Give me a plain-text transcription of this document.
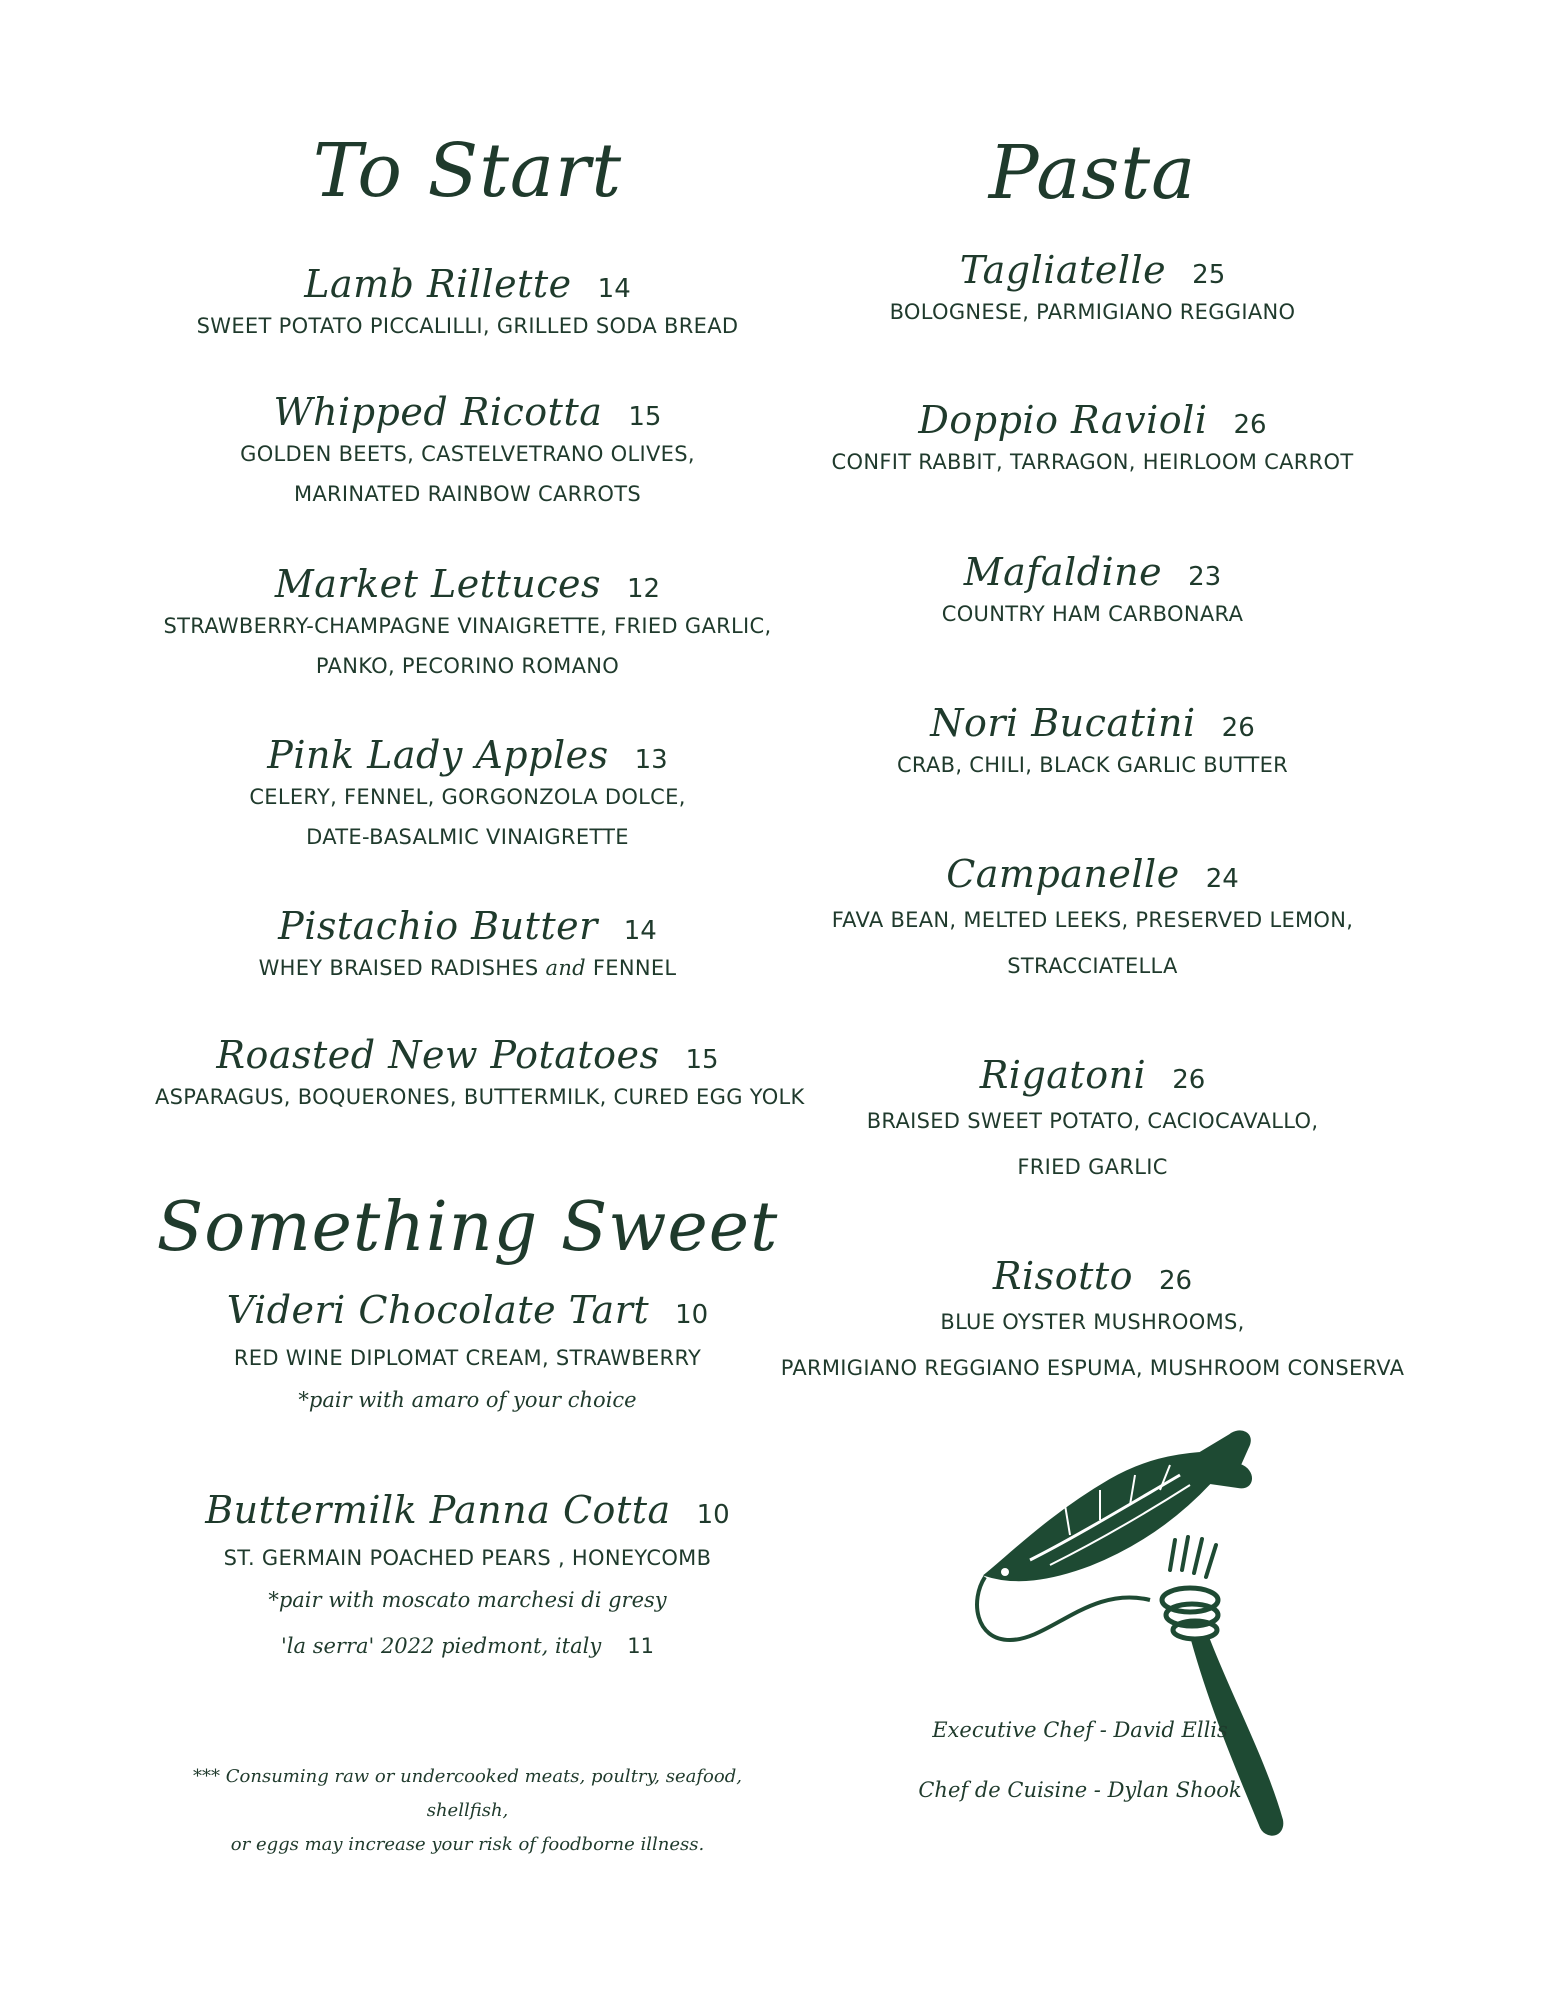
To Start
Lamb Rillette 14
SWEET POTATO PICCALILLI, GRILLED SODA BREAD
Whipped Ricotta 15
GOLDEN BEETS, CASTELVETRANO OLIVES,
MARINATED RAINBOW CARROTS
Market Lettuces 12
STRAWBERRY-CHAMPAGNE VINAIGRETTE, FRIED GARLIC,
PANKO, PECORINO ROMANO
Pink Lady Apples 13
CELERY, FENNEL, GORGONZOLA DOLCE,
DATE-BASALMIC VINAIGRETTE
Pistachio Butter 14
WHEY BRAISED RADISHES and FENNEL
Roasted New Potatoes 15
ASPARAGUS, BOQUERONES, BUTTERMILK, CURED EGG YOLK
Something Sweet
Videri Chocolate Tart 10
RED WINE DIPLOMAT CREAM, STRAWBERRY
*pair with amaro of your choice
Buttermilk Panna Cotta 10
ST. GERMAIN POACHED PEARS , HONEYCOMB
*pair with moscato marchesi di gresy
'la serra' 2022 piedmont, italy 11
*** Consuming raw or undercooked meats, poultry, seafood, shellfish,
or eggs may increase your risk of foodborne illness.
Pasta
Tagliatelle 25
BOLOGNESE, PARMIGIANO REGGIANO
Doppio Ravioli 26
CONFIT RABBIT, TARRAGON, HEIRLOOM CARROT
Mafaldine 23
COUNTRY HAM CARBONARA
Nori Bucatini 26
CRAB, CHILI, BLACK GARLIC BUTTER
Campanelle 24
FAVA BEAN, MELTED LEEKS, PRESERVED LEMON,
STRACCIATELLA
Rigatoni 26
BRAISED SWEET POTATO, CACIOCAVALLO,
FRIED GARLIC
Risotto 26
BLUE OYSTER MUSHROOMS,
PARMIGIANO REGGIANO ESPUMA, MUSHROOM CONSERVA
Executive Chef - David Ellis
Chef de Cuisine - Dylan Shook
